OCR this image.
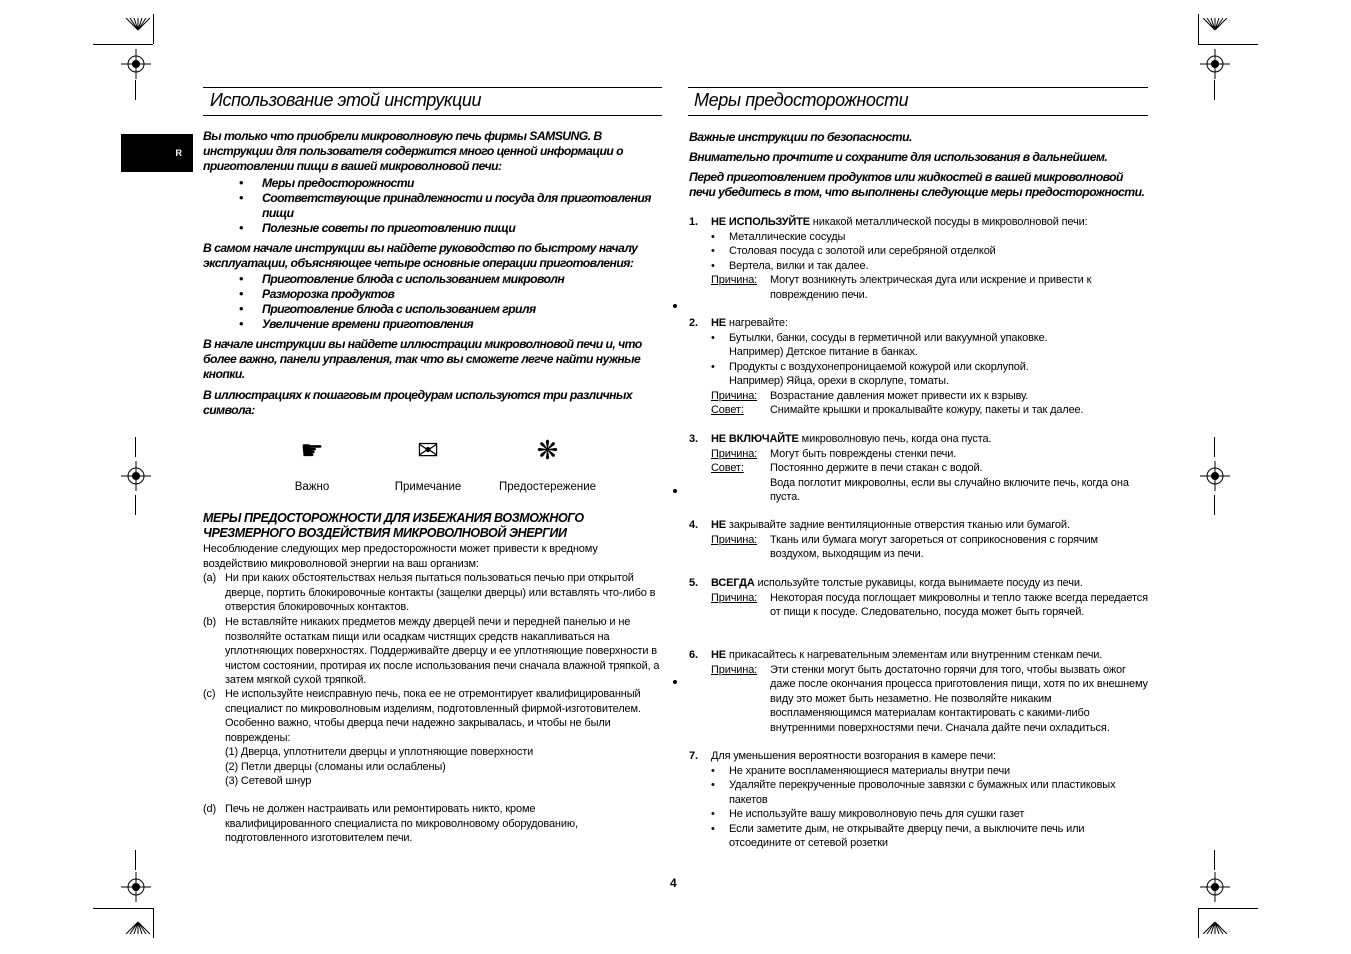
R
Использование этой инструкции
Вы только что приобрели микроволновую печь фирмы SAMSUNG. В инструкции для пользователя содержится много ценной информации о приготовлении пищи в вашей микроволновой печи:
• Меры предосторожности
• Соответствующие принадлежности и посуда для приготовления пищи
• Полезные советы по приготовлению пищи
В самом начале инструкции вы найдете руководство по быстрому началу эксплуатации, объясняющее четыре основные операции приготовления:
• Приготовление блюда с использованием микроволн
• Разморозка продуктов
• Приготовление блюда с использованием гриля
• Увеличение времени приготовления
В начале инструкции вы найдете иллюстрации микроволновой печи и, что более важно, панели управления, так что вы сможете легче найти нужные кнопки.
В иллюстрациях к пошаговым процедурам используются три различных символа:
☛
Важно
✉
Примечание
❋
Предостережение
МЕРЫ ПРЕДОСТОРОЖНОСТИ ДЛЯ ИЗБЕЖАНИЯ ВОЗМОЖНОГО ЧРЕЗМЕРНОГО ВОЗДЕЙСТВИЯ МИКРОВОЛНОВОЙ ЭНЕРГИИ
Несоблюдение следующих мер предосторожности может привести к вредному воздействию микроволновой энергии на ваш организм:
(a) Ни при каких обстоятельствах нельзя пытаться пользоваться печью при открытой дверце, портить блокировочные контакты (защелки дверцы) или вставлять что-либо в отверстия блокировочных контактов.
(b) Не вставляйте никаких предметов между дверцей печи и передней панелью и не позволяйте остаткам пищи или осадкам чистящих средств накапливаться на уплотняющих поверхностях. Поддерживайте дверцу и ее уплотняющие поверхности в чистом состоянии, протирая их после использования печи сначала влажной тряпкой, а затем мягкой сухой тряпкой.
(c) Не используйте неисправную печь, пока ее не отремонтирует квалифицированный специалист по микроволновым изделиям, подготовленный фирмой-изготовителем.
Особенно важно, чтобы дверца печи надежно закрывалась, и чтобы не были повреждены:
(1) Дверца, уплотнители дверцы и уплотняющие поверхности
(2) Петли дверцы (сломаны или ослаблены)
(3) Сетевой шнур
(d) Печь не должен настраивать или ремонтировать никто, кроме квалифицированного специалиста по микроволновому оборудованию, подготовленного изготовителем печи.
Меры предосторожности
Важные инструкции по безопасности.
Внимательно прочтите и сохраните для использования в дальнейшем.
Перед приготовлением продуктов или жидкостей в вашей микроволновой печи убедитесь в том, что выполнены следующие меры предосторожности.
1. НЕ ИСПОЛЬЗУЙТЕ никакой металлической посуды в микроволновой печи:
• Металлические сосуды
• Столовая посуда с золотой или серебряной отделкой
• Вертела, вилки и так далее.
Причина: Могут возникнуть электрическая дуга или искрение и привести к повреждению печи.
2. НЕ нагревайте:
• Бутылки, банки, сосуды в герметичной или вакуумной упаковке.
Например) Детское питание в банках.
• Продукты с воздухонепроницаемой кожурой или скорлупой.
Например) Яйца, орехи в скорлупе, томаты.
Причина: Возрастание давления может привести их к взрыву.
Совет: Снимайте крышки и прокалывайте кожуру, пакеты и так далее.
3. НЕ ВКЛЮЧАЙТЕ микроволновую печь, когда она пуста.
Причина: Могут быть повреждены стенки печи.
Совет: Постоянно держите в печи стакан с водой.
Вода поглотит микроволны, если вы случайно включите печь, когда она пуста.
4. НЕ закрывайте задние вентиляционные отверстия тканью или бумагой.
Причина: Ткань или бумага могут загореться от соприкосновения с горячим воздухом, выходящим из печи.
5. ВСЕГДА используйте толстые рукавицы, когда вынимаете посуду из печи.
Причина: Некоторая посуда поглощает микроволны и тепло также всегда передается от пищи к посуде. Следовательно, посуда может быть горячей.
6. НЕ прикасайтесь к нагревательным элементам или внутренним стенкам печи.
Причина: Эти стенки могут быть достаточно горячи для того, чтобы вызвать ожог даже после окончания процесса приготовления пищи, хотя по их внешнему виду это может быть незаметно. Не позволяйте никаким воспламеняющимся материалам контактировать с какими-либо внутренними поверхностями печи. Сначала дайте печи охладиться.
7. Для уменьшения вероятности возгорания в камере печи:
• Не храните воспламеняющиеся материалы внутри печи
• Удаляйте перекрученные проволочные завязки с бумажных или пластиковых пакетов
• Не используйте вашу микроволновую печь для сушки газет
• Если заметите дым, не открывайте дверцу печи, а выключите печь или отсоедините от сетевой розетки
4
